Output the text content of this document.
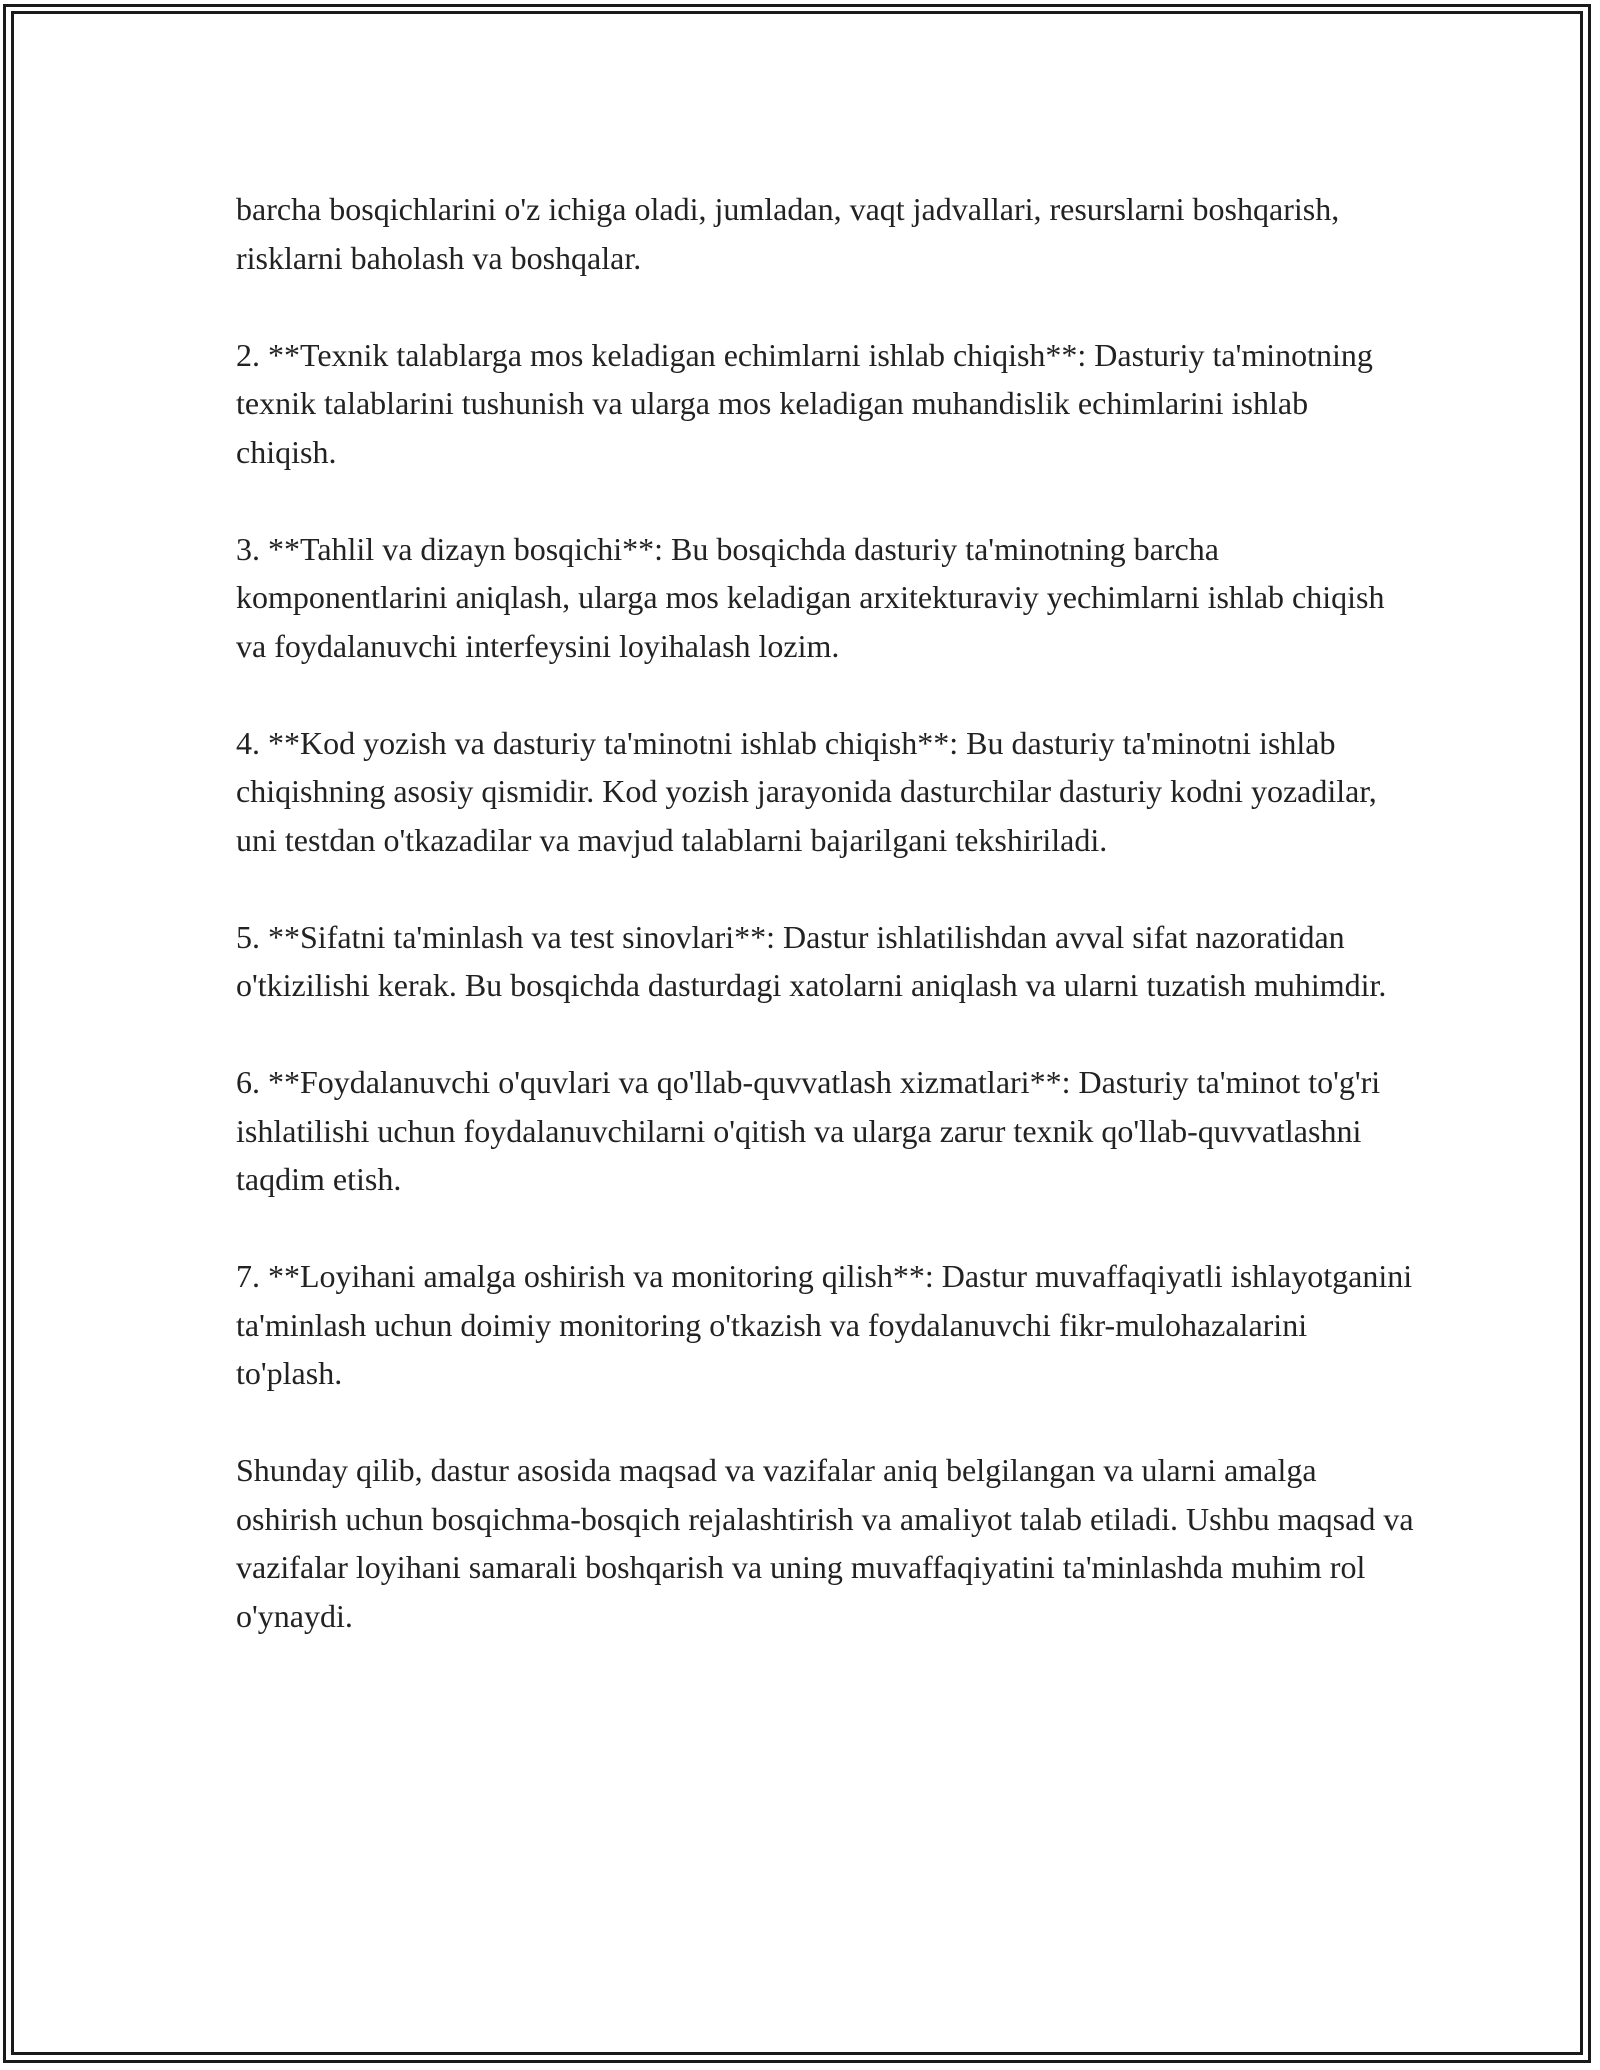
barcha bosqichlarini o'z ichiga oladi, jumladan, vaqt jadvallari, resurslarni boshqarish, risklarni baholash va boshqalar.

2. **Texnik talablarga mos keladigan echimlarni ishlab chiqish**: Dasturiy ta'minotning texnik talablarini tushunish va ularga mos keladigan muhandislik echimlarini ishlab chiqish.

3. **Tahlil va dizayn bosqichi**: Bu bosqichda dasturiy ta'minotning barcha komponentlarini aniqlash, ularga mos keladigan arxitekturaviy yechimlarni ishlab chiqish va foydalanuvchi interfeysini loyihalash lozim.

4. **Kod yozish va dasturiy ta'minotni ishlab chiqish**: Bu dasturiy ta'minotni ishlab chiqishning asosiy qismidir. Kod yozish jarayonida dasturchilar dasturiy kodni yozadilar, uni testdan o'tkazadilar va mavjud talablarni bajarilgani tekshiriladi.

5. **Sifatni ta'minlash va test sinovlari**: Dastur ishlatilishdan avval sifat nazoratidan o'tkizilishi kerak. Bu bosqichda dasturdagi xatolarni aniqlash va ularni tuzatish muhimdir.

6. **Foydalanuvchi o'quvlari va qo'llab-quvvatlash xizmatlari**: Dasturiy ta'minot to'g'ri ishlatilishi uchun foydalanuvchilarni o'qitish va ularga zarur texnik qo'llab-quvvatlashni taqdim etish.

7. **Loyihani amalga oshirish va monitoring qilish**: Dastur muvaffaqiyatli ishlayotganini ta'minlash uchun doimiy monitoring o'tkazish va foydalanuvchi fikr-mulohazalarini to'plash.

Shunday qilib, dastur asosida maqsad va vazifalar aniq belgilangan va ularni amalga oshirish uchun bosqichma-bosqich rejalashtirish va amaliyot talab etiladi. Ushbu maqsad va vazifalar loyihani samarali boshqarish va uning muvaffaqiyatini ta'minlashda muhim rol o'ynaydi.
